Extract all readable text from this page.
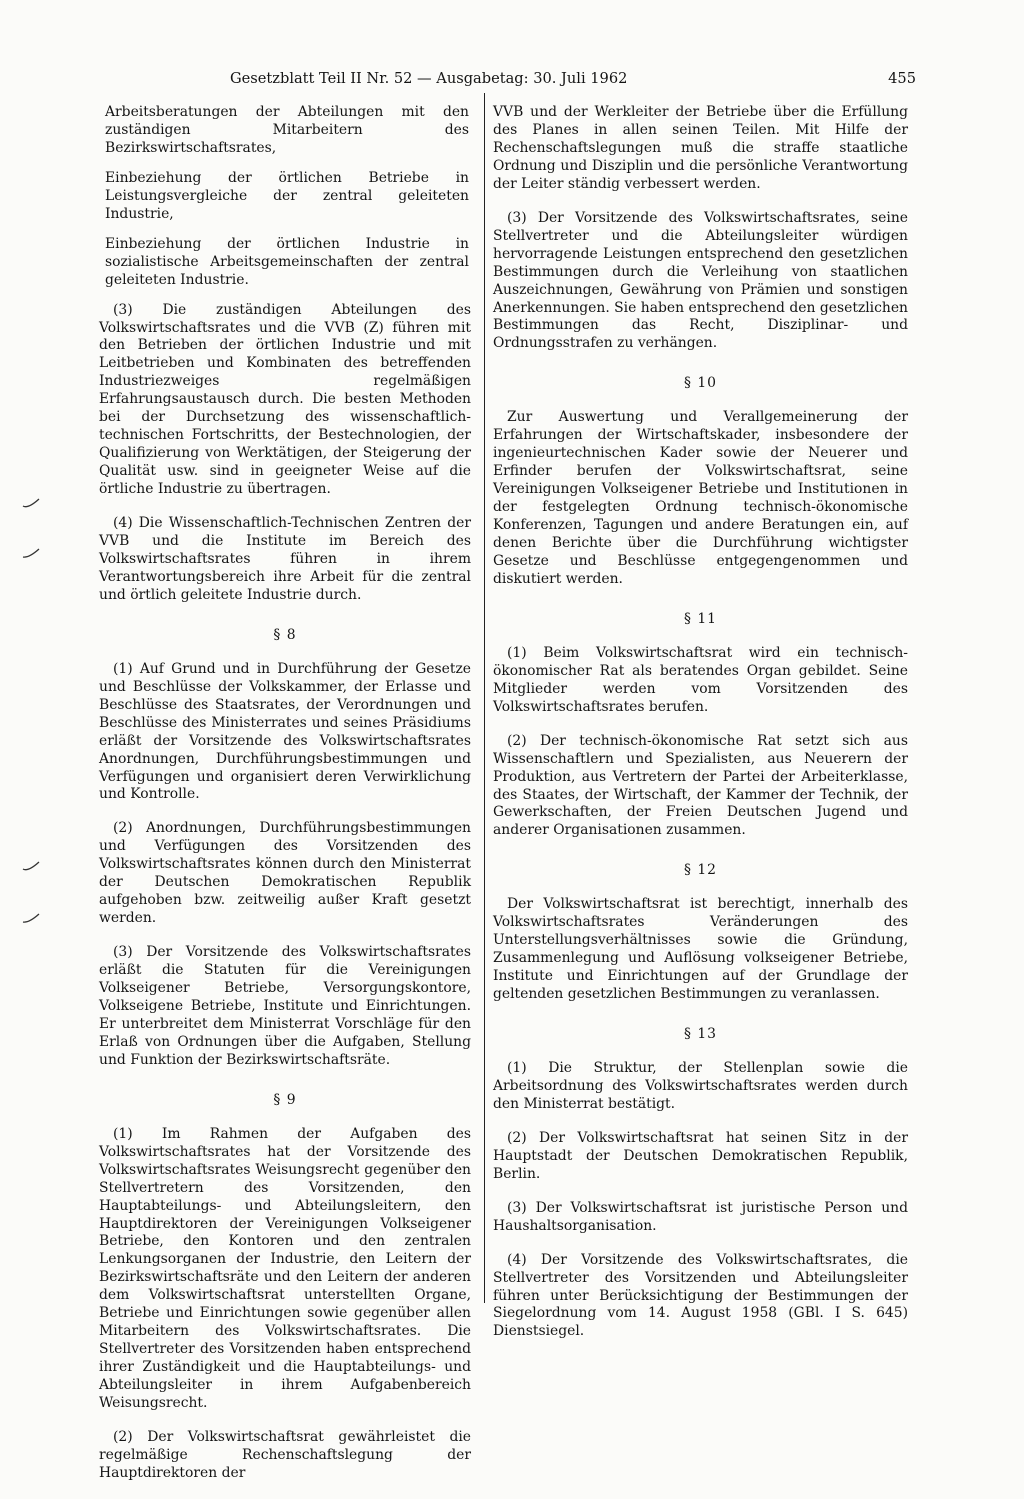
Gesetzblatt Teil II Nr. 52 — Ausgabetag: 30. Juli 1962	455

Arbeitsberatungen der Abteilungen mit den zuständigen Mitarbeitern des Bezirkswirtschaftsrates,

Einbeziehung der örtlichen Betriebe in Leistungsvergleiche der zentral geleiteten Industrie,

Einbeziehung der örtlichen Industrie in sozialistische Arbeitsgemeinschaften der zentral geleiteten Industrie.

(3) Die zuständigen Abteilungen des Volkswirtschaftsrates und die VVB (Z) führen mit den Betrieben der örtlichen Industrie und mit Leitbetrieben und Kombinaten des betreffenden Industriezweiges regelmäßigen Erfahrungsaustausch durch. Die besten Methoden bei der Durchsetzung des wissenschaftlich-technischen Fortschritts, der Bestechnologien, der Qualifizierung von Werktätigen, der Steigerung der Qualität usw. sind in geeigneter Weise auf die örtliche Industrie zu übertragen.

(4) Die Wissenschaftlich-Technischen Zentren der VVB und die Institute im Bereich des Volkswirtschaftsrates führen in ihrem Verantwortungsbereich ihre Arbeit für die zentral und örtlich geleitete Industrie durch.

§ 8

(1) Auf Grund und in Durchführung der Gesetze und Beschlüsse der Volkskammer, der Erlasse und Beschlüsse des Staatsrates, der Verordnungen und Beschlüsse des Ministerrates und seines Präsidiums erläßt der Vorsitzende des Volkswirtschaftsrates Anordnungen, Durchführungsbestimmungen und Verfügungen und organisiert deren Verwirklichung und Kontrolle.

(2) Anordnungen, Durchführungsbestimmungen und Verfügungen des Vorsitzenden des Volkswirtschaftsrates können durch den Ministerrat der Deutschen Demokratischen Republik aufgehoben bzw. zeitweilig außer Kraft gesetzt werden.

(3) Der Vorsitzende des Volkswirtschaftsrates erläßt die Statuten für die Vereinigungen Volkseigener Betriebe, Versorgungskontore, Volkseigene Betriebe, Institute und Einrichtungen. Er unterbreitet dem Ministerrat Vorschläge für den Erlaß von Ordnungen über die Aufgaben, Stellung und Funktion der Bezirkswirtschaftsräte.

§ 9

(1) Im Rahmen der Aufgaben des Volkswirtschaftsrates hat der Vorsitzende des Volkswirtschaftsrates Weisungsrecht gegenüber den Stellvertretern des Vorsitzenden, den Hauptabteilungs- und Abteilungsleitern, den Hauptdirektoren der Vereinigungen Volkseigener Betriebe, den Kontoren und den zentralen Lenkungsorganen der Industrie, den Leitern der Bezirkswirtschaftsräte und den Leitern der anderen dem Volkswirtschaftsrat unterstellten Organe, Betriebe und Einrichtungen sowie gegenüber allen Mitarbeitern des Volkswirtschaftsrates. Die Stellvertreter des Vorsitzenden haben entsprechend ihrer Zuständigkeit und die Hauptabteilungs- und Abteilungsleiter in ihrem Aufgabenbereich Weisungsrecht.

(2) Der Volkswirtschaftsrat gewährleistet die regelmäßige Rechenschaftslegung der Hauptdirektoren der

VVB und der Werkleiter der Betriebe über die Erfüllung des Planes in allen seinen Teilen. Mit Hilfe der Rechenschaftslegungen muß die straffe staatliche Ordnung und Disziplin und die persönliche Verantwortung der Leiter ständig verbessert werden.

(3) Der Vorsitzende des Volkswirtschaftsrates, seine Stellvertreter und die Abteilungsleiter würdigen hervorragende Leistungen entsprechend den gesetzlichen Bestimmungen durch die Verleihung von staatlichen Auszeichnungen, Gewährung von Prämien und sonstigen Anerkennungen. Sie haben entsprechend den gesetzlichen Bestimmungen das Recht, Disziplinar- und Ordnungsstrafen zu verhängen.

§ 10

Zur Auswertung und Verallgemeinerung der Erfahrungen der Wirtschaftskader, insbesondere der ingenieurtechnischen Kader sowie der Neuerer und Erfinder berufen der Volkswirtschaftsrat, seine Vereinigungen Volkseigener Betriebe und Institutionen in der festgelegten Ordnung technisch-ökonomische Konferenzen, Tagungen und andere Beratungen ein, auf denen Berichte über die Durchführung wichtigster Gesetze und Beschlüsse entgegengenommen und diskutiert werden.

§ 11

(1) Beim Volkswirtschaftsrat wird ein technisch-ökonomischer Rat als beratendes Organ gebildet. Seine Mitglieder werden vom Vorsitzenden des Volkswirtschaftsrates berufen.

(2) Der technisch-ökonomische Rat setzt sich aus Wissenschaftlern und Spezialisten, aus Neuerern der Produktion, aus Vertretern der Partei der Arbeiterklasse, des Staates, der Wirtschaft, der Kammer der Technik, der Gewerkschaften, der Freien Deutschen Jugend und anderer Organisationen zusammen.

§ 12

Der Volkswirtschaftsrat ist berechtigt, innerhalb des Volkswirtschaftsrates Veränderungen des Unterstellungsverhältnisses sowie die Gründung, Zusammenlegung und Auflösung volkseigener Betriebe, Institute und Einrichtungen auf der Grundlage der geltenden gesetzlichen Bestimmungen zu veranlassen.

§ 13

(1) Die Struktur, der Stellenplan sowie die Arbeitsordnung des Volkswirtschaftsrates werden durch den Ministerrat bestätigt.

(2) Der Volkswirtschaftsrat hat seinen Sitz in der Hauptstadt der Deutschen Demokratischen Republik, Berlin.

(3) Der Volkswirtschaftsrat ist juristische Person und Haushaltsorganisation.

(4) Der Vorsitzende des Volkswirtschaftsrates, die Stellvertreter des Vorsitzenden und Abteilungsleiter führen unter Berücksichtigung der Bestimmungen der Siegelordnung vom 14. August 1958 (GBl. I S. 645) Dienstsiegel.
